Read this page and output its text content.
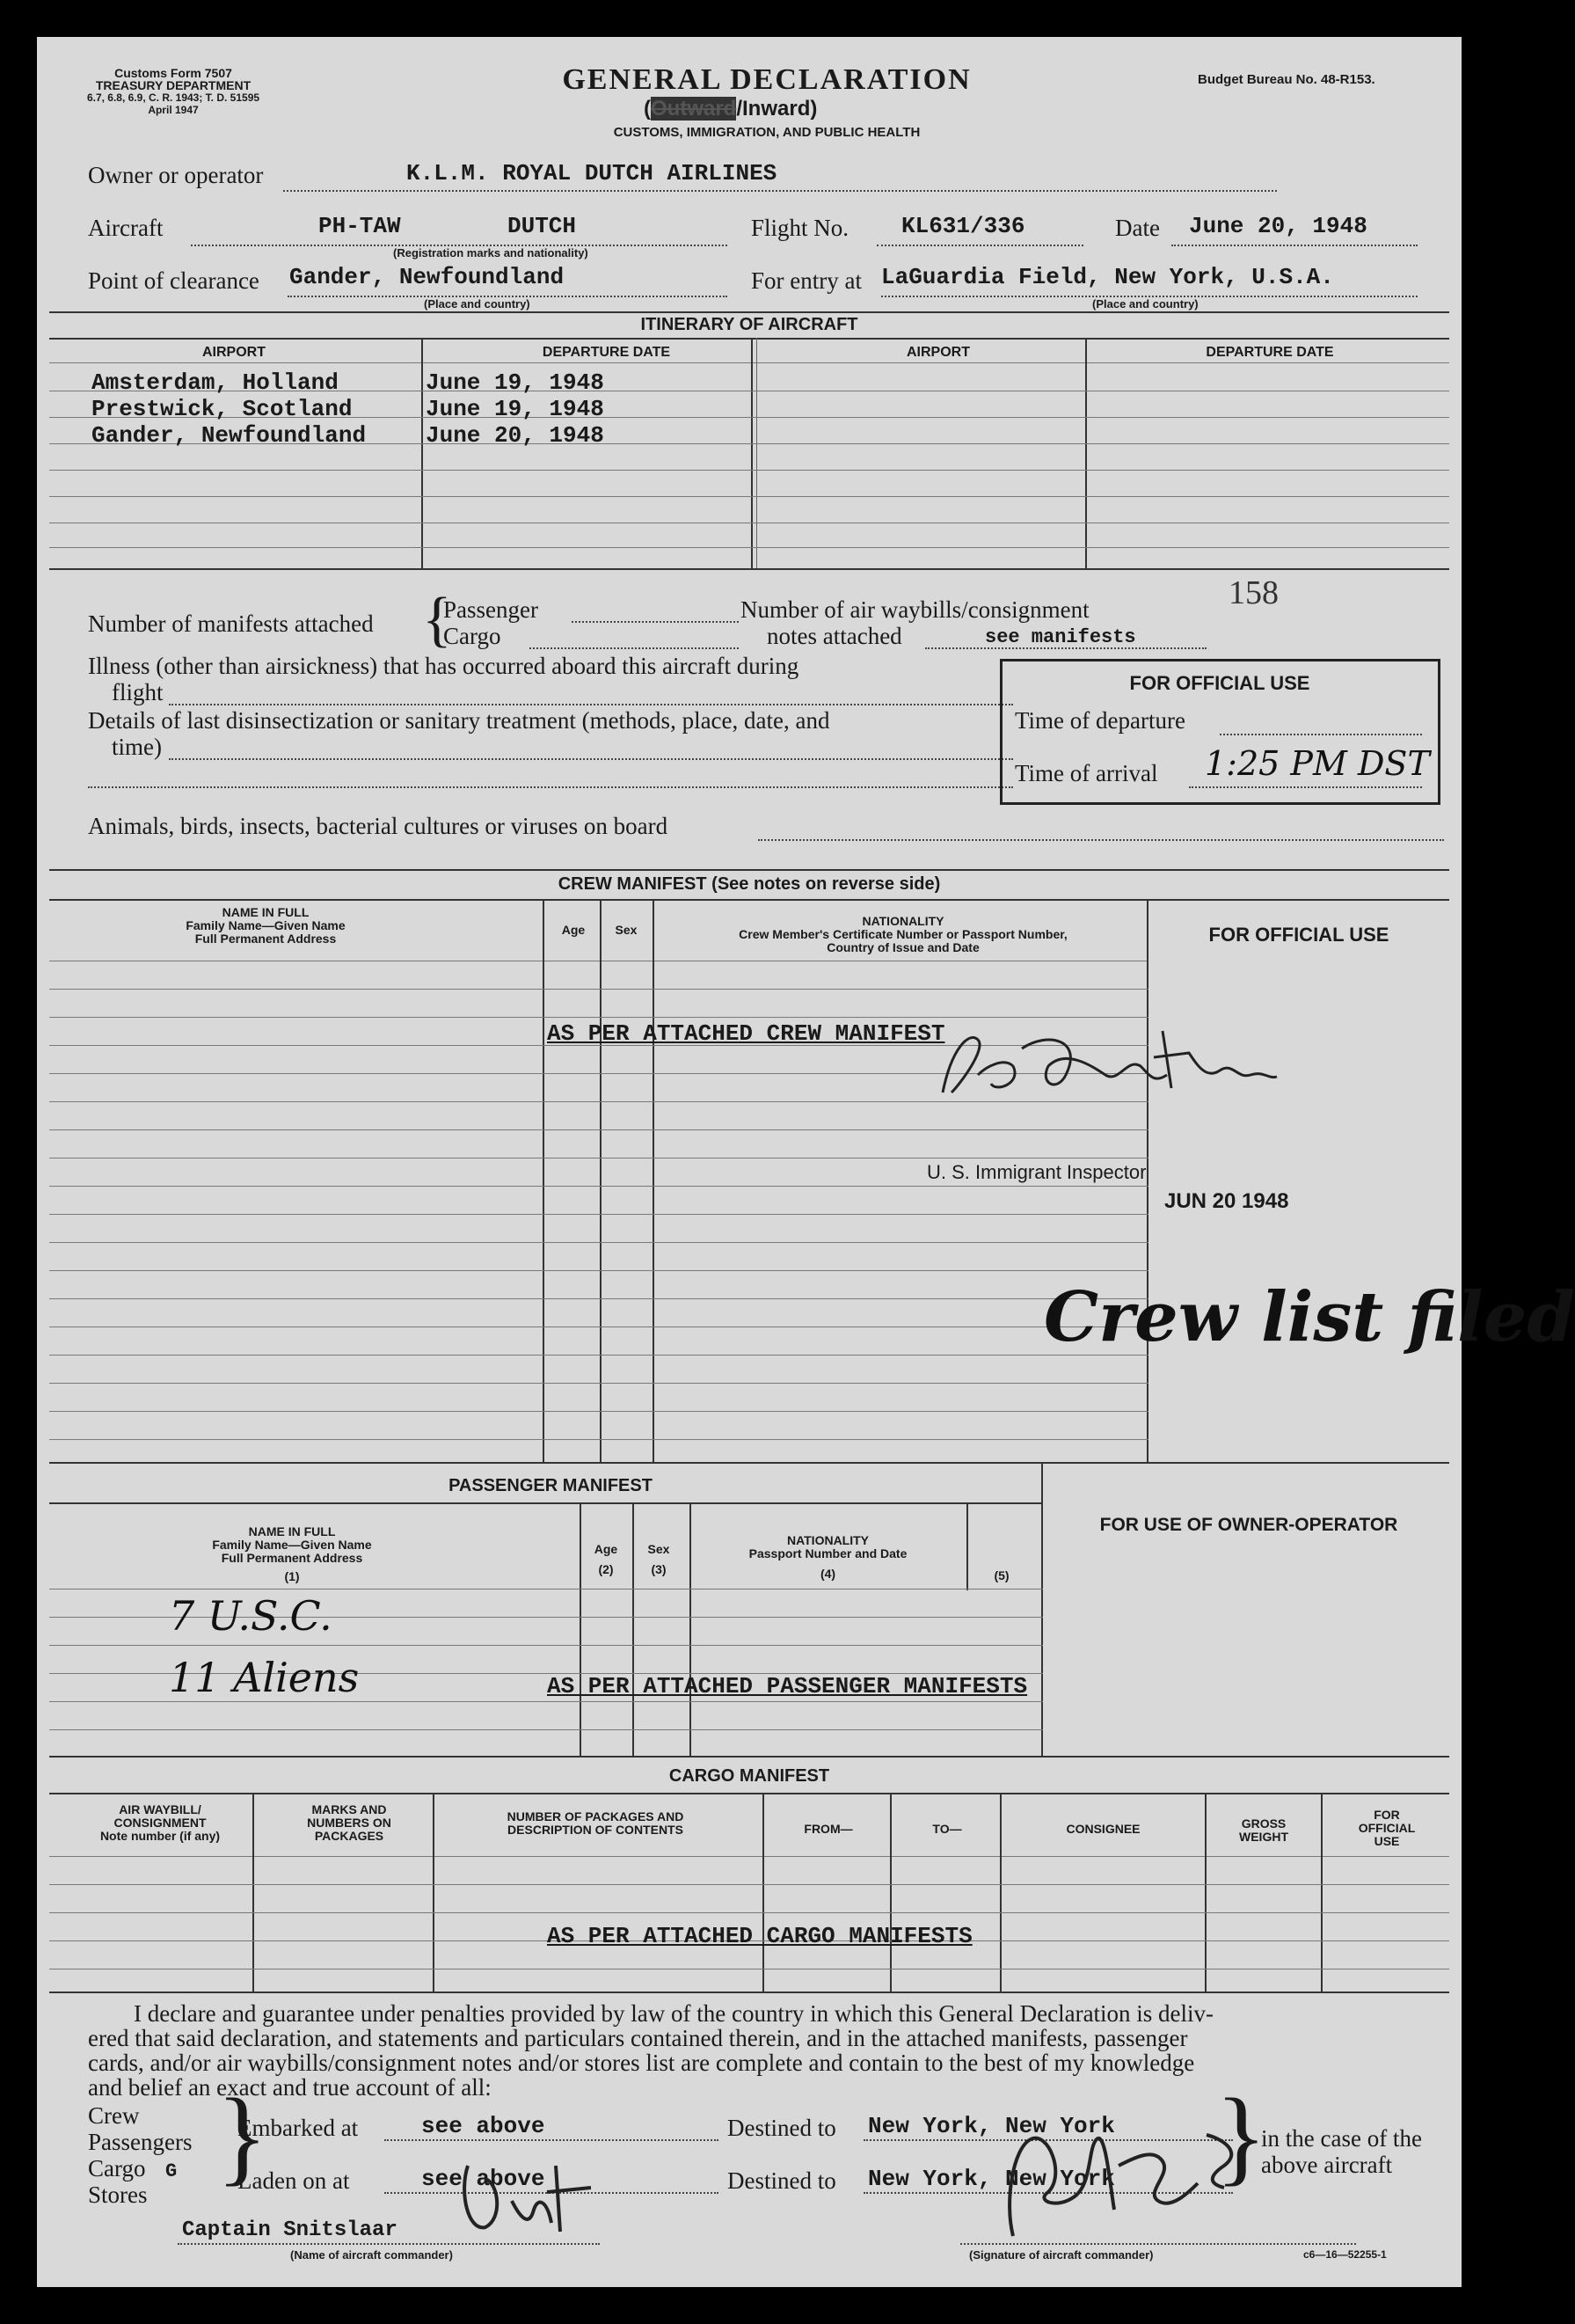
Customs Form 7507
TREASURY DEPARTMENT
6.7, 6.8, 6.9, C. R. 1943; T. D. 51595
April 1947
GENERAL DECLARATION
(Outward/Inward)
CUSTOMS, IMMIGRATION, AND PUBLIC HEALTH
Budget Bureau No. 48-R153.
Owner or operator	K.L.M. ROYAL DUTCH AIRLINES
Aircraft	PH-TAW	DUTCH
(Registration marks and nationality)
Flight No. KL631/336	Date June 20, 1948
Point of clearance Gander, Newfoundland
(Place and country)
For entry at LaGuardia Field, New York, U.S.A.
(Place and country)
ITINERARY OF AIRCRAFT
AIRPORT	DEPARTURE DATE	AIRPORT	DEPARTURE DATE
Amsterdam, Holland	June 19, 1948
Prestwick, Scotland	June 19, 1948
Gander, Newfoundland	June 20, 1948
Number of manifests attached {
Passenger
Cargo
Number of air waybills/consignment
notes attached	see manifests
158
Illness (other than airsickness) that has occurred aboard this aircraft during
flight
Details of last disinsectization or sanitary treatment (methods, place, date, and
time)
Animals, birds, insects, bacterial cultures or viruses on board
FOR OFFICIAL USE
Time of departure
Time of arrival 1:25 PM DST
CREW MANIFEST (See notes on reverse side)
NAME IN FULL
Family Name—Given Name
Full Permanent Address
Age	Sex
NATIONALITY
Crew Member's Certificate Number or Passport Number,
Country of Issue and Date
FOR OFFICIAL USE
AS PER ATTACHED CREW MANIFEST
U. S. Immigrant Inspector
JUN 20 1948
Crew list filed
PASSENGER MANIFEST
NAME IN FULL
Family Name—Given Name
Full Permanent Address
(1)
Age
(2)
Sex
(3)
NATIONALITY
Passport Number and Date
(4)	(5)
FOR USE OF OWNER-OPERATOR
7 U.S.C.
11 Aliens	AS PER ATTACHED PASSENGER MANIFESTS
CARGO MANIFEST
AIR WAYBILL/
CONSIGNMENT
Note number (if any)
MARKS AND
NUMBERS ON
PACKAGES
NUMBER OF PACKAGES AND
DESCRIPTION OF CONTENTS	FROM—	TO—	CONSIGNEE	GROSS
WEIGHT
FOR
OFFICIAL
USE
AS PER ATTACHED CARGO MANIFESTS
I declare and guarantee under penalties provided by law of the country in which this General Declaration is deliv-
ered that said declaration, and statements and particulars contained therein, and in the attached manifests, passenger
cards, and/or air waybills/consignment notes and/or stores list are complete and contain to the best of my knowledge
and belief an exact and true account of all:
Crew
Passengers
Cargo G
Stores }
Embarked at	see above
Laden on at	see above
Destined to New York, New York
Destined to New York, New York }
in the case of the
above aircraft
Captain Snitslaar
(Name of aircraft commander)	(Signature of aircraft commander)	c6—16—52255-1
